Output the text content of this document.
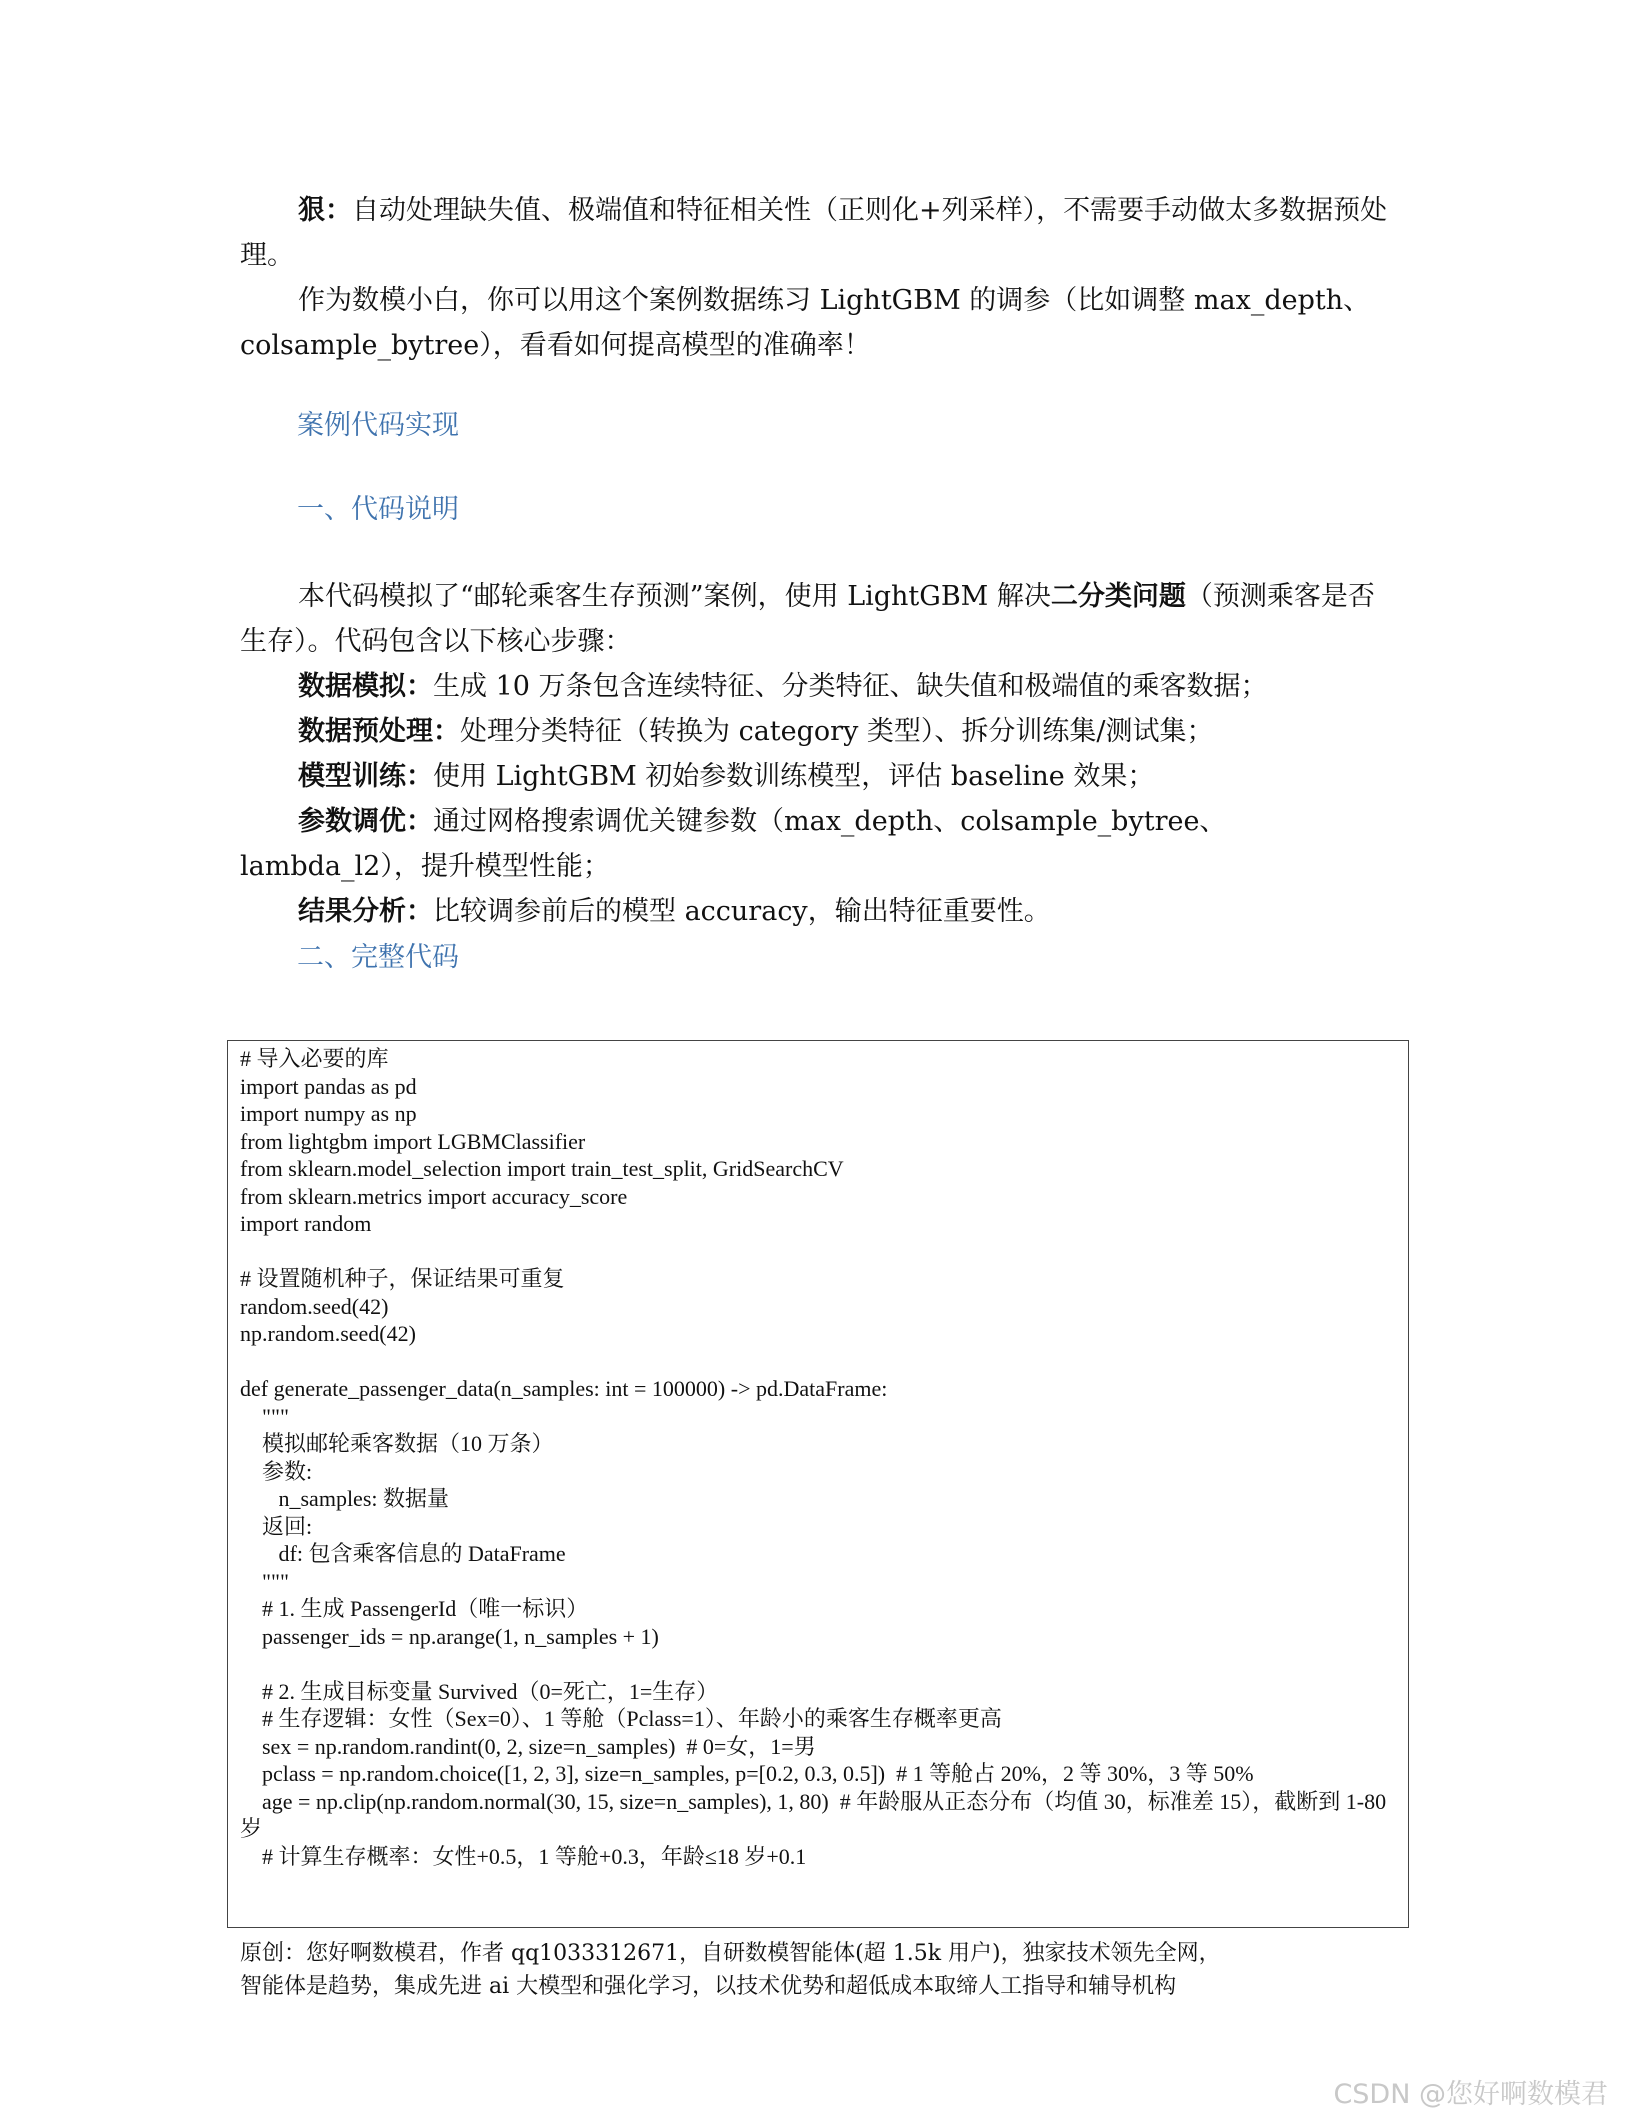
狠：自动处理缺失值、极端值和特征相关性（正则化+列采样），不需要手动做太多数据预处理。

作为数模小白，你可以用这个案例数据练习 LightGBM 的调参（比如调整 max_depth、colsample_bytree），看看如何提高模型的准确率！

案例代码实现

一、代码说明

本代码模拟了“邮轮乘客生存预测”案例，使用 LightGBM 解决二分类问题（预测乘客是否生存）。代码包含以下核心步骤：

数据模拟：生成 10 万条包含连续特征、分类特征、缺失值和极端值的乘客数据；

数据预处理：处理分类特征（转换为 category 类型）、拆分训练集/测试集；

模型训练：使用 LightGBM 初始参数训练模型，评估 baseline 效果；

参数调优：通过网格搜索调优关键参数（max_depth、colsample_bytree、lambda_l2），提升模型性能；

结果分析：比较调参前后的模型 accuracy，输出特征重要性。

二、完整代码

# 导入必要的库
import pandas as pd
import numpy as np
from lightgbm import LGBMClassifier
from sklearn.model_selection import train_test_split, GridSearchCV
from sklearn.metrics import accuracy_score
import random
# 设置随机种子，保证结果可重复
random.seed(42)
np.random.seed(42)
def generate_passenger_data(n_samples: int = 100000) -> pd.DataFrame:
"""
模拟邮轮乘客数据（10 万条）
参数:
n_samples: 数据量
返回:
df: 包含乘客信息的 DataFrame
"""
# 1. 生成 PassengerId（唯一标识）
passenger_ids = np.arange(1, n_samples + 1)
# 2. 生成目标变量 Survived（0=死亡，1=生存）
# 生存逻辑：女性（Sex=0）、1 等舱（Pclass=1）、年龄小的乘客生存概率更高
sex = np.random.randint(0, 2, size=n_samples)  # 0=女，1=男
pclass = np.random.choice([1, 2, 3], size=n_samples, p=[0.2, 0.3, 0.5])  # 1 等舱占 20%，2 等 30%，3 等 50%
age = np.clip(np.random.normal(30, 15, size=n_samples), 1, 80)  # 年龄服从正态分布（均值 30，标准差 15），截断到 1-80 岁
# 计算生存概率：女性+0.5，1 等舱+0.3，年龄≤18 岁+0.1
原创：您好啊数模君，作者 qq1033312671，自研数模智能体(超 1.5k 用户)，独家技术领先全网，
智能体是趋势，集成先进 ai 大模型和强化学习，以技术优势和超低成本取缔人工指导和辅导机构
CSDN @您好啊数模君
